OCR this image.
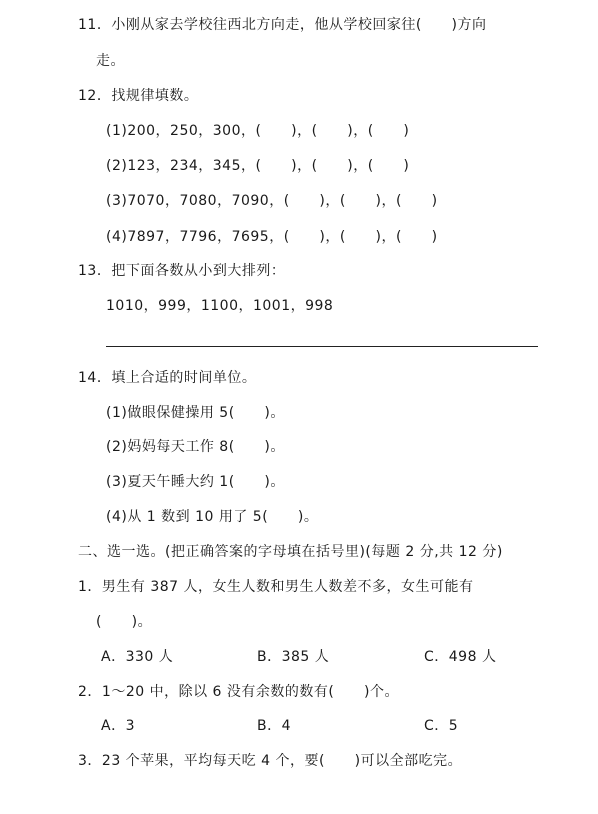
11．小刚从家去学校往西北方向走，他从学校回家往(      )方向
走。
12．找规律填数。
(1)200，250，300，(      )，(      )，(      )
(2)123，234，345，(      )，(      )，(      )
(3)7070，7080，7090，(      )，(      )，(      )
(4)7897，7796，7695，(      )，(      )，(      )
13．把下面各数从小到大排列：
1010，999，1100，1001，998
14．填上合适的时间单位。
(1)做眼保健操用 5(      )。
(2)妈妈每天工作 8(      )。
(3)夏天午睡大约 1(      )。
(4)从 1 数到 10 用了 5(      )。
二、选一选。(把正确答案的字母填在括号里)(每题 2 分,共 12 分)
1．男生有 387 人，女生人数和男生人数差不多，女生可能有
(      )。
A．330 人	B．385 人	C．498 人
2．1～20 中，除以 6 没有余数的数有(      )个。
A．3	B．4	C．5
3．23 个苹果，平均每天吃 4 个，要(      )可以全部吃完。
